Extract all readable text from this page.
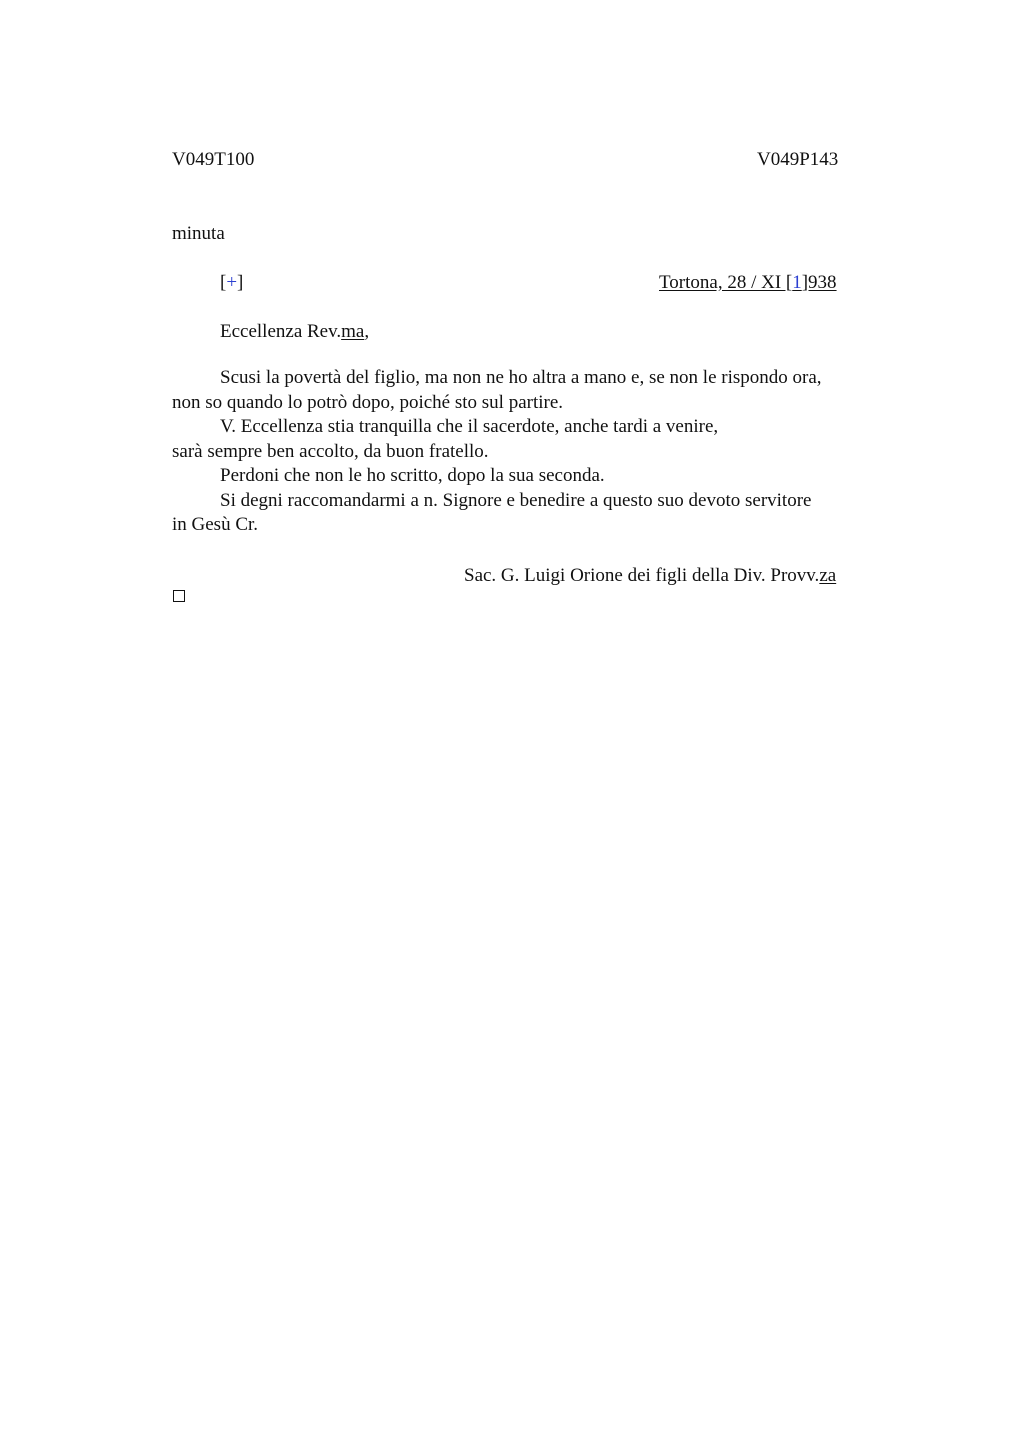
V049T100	V049P143
minuta
[+]	Tortona, 28 / XI [1]938
Eccellenza Rev.ma,
Scusi la povertà del figlio, ma non ne ho altra a mano e, se non le rispondo ora,
non so quando lo potrò dopo, poiché sto sul partire.
V. Eccellenza stia tranquilla che il sacerdote, anche tardi a venire,
sarà sempre ben accolto, da buon fratello.
Perdoni che non le ho scritto, dopo la sua seconda.
Si degni raccomandarmi a n. Signore e benedire a questo suo devoto servitore
in Gesù Cr.
Sac. G. Luigi Orione dei figli della Div. Provv.za
